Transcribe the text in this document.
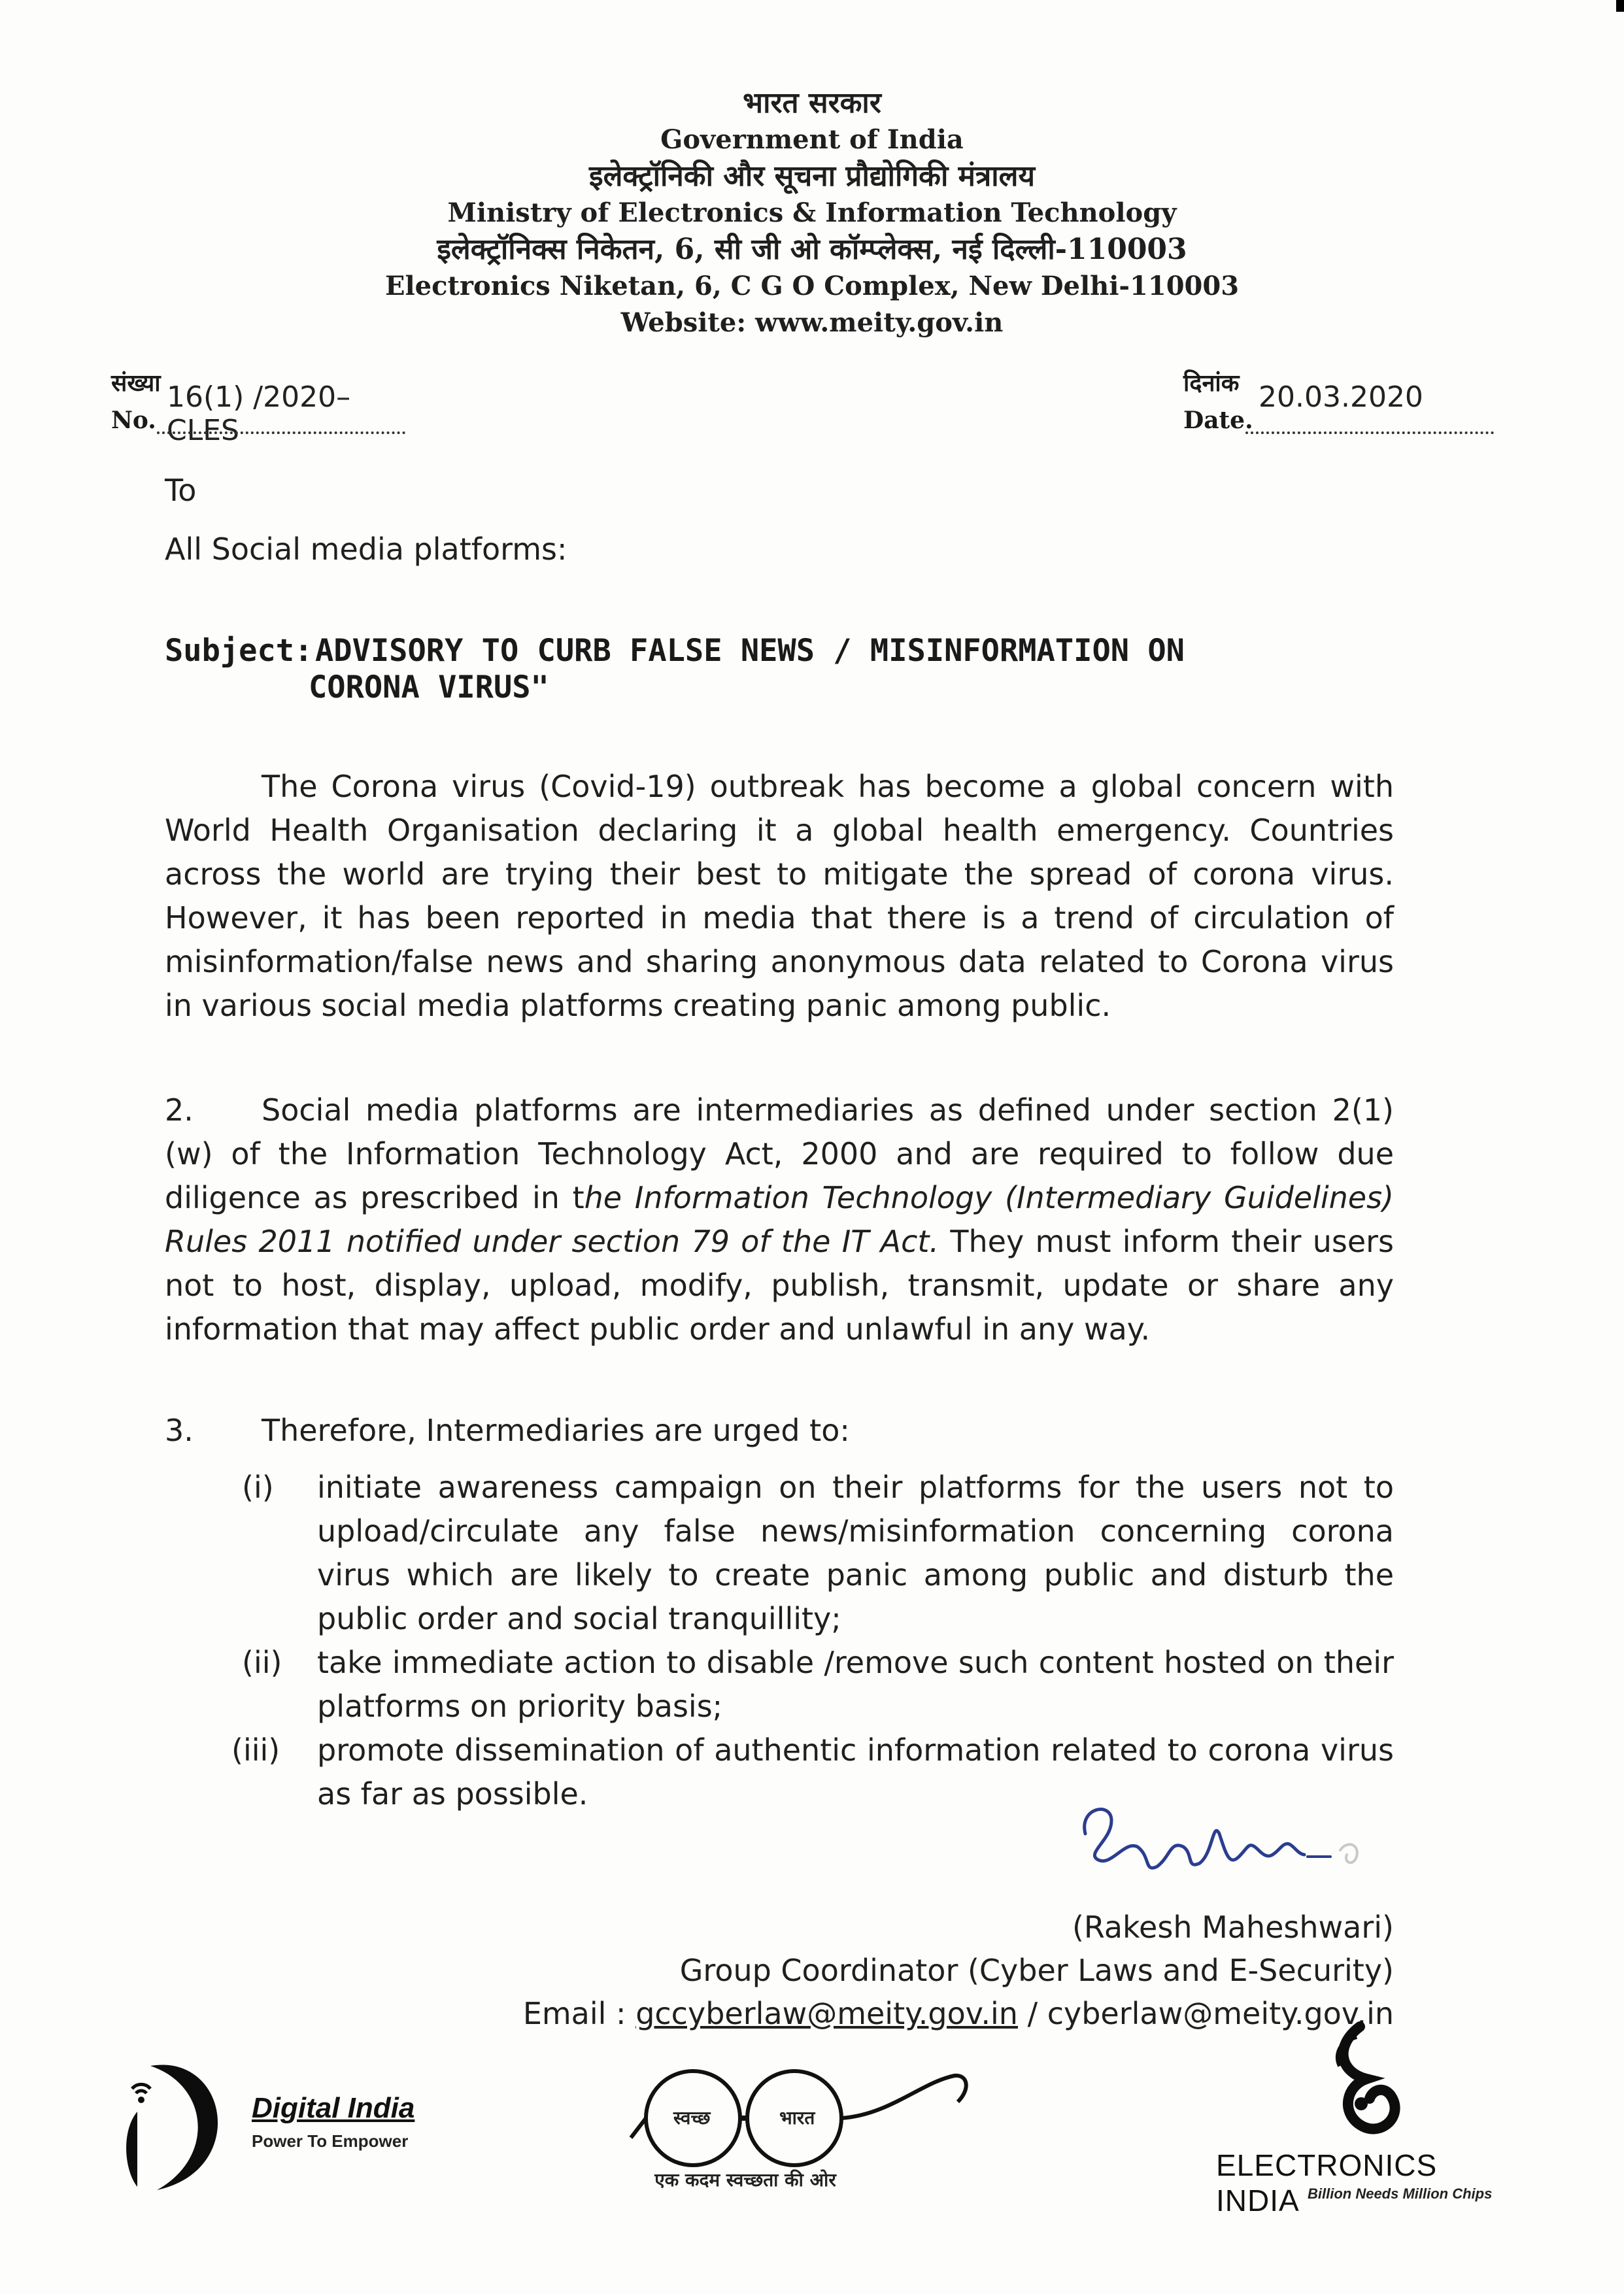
भारत सरकार
Government of India
इलेक्ट्रॉनिकी और सूचना प्रौद्योगिकी मंत्रालय
Ministry of Electronics & Information Technology
इलेक्ट्रॉनिक्स निकेतन, 6, सी जी ओ कॉम्प्लेक्स, नई दिल्ली-110003
Electronics Niketan, 6, C G O Complex, New Delhi-110003
Website: www.meity.gov.in
संख्या
No.
16(1) /2020–CLES
दिनांक
Date.
20.03.2020
To
All Social media platforms:
Subject:ADVISORY TO CURB FALSE NEWS / MISINFORMATION ON
CORONA VIRUS"
The Corona virus (Covid-19) outbreak has become a global concern with World Health Organisation declaring it a global health emergency. Countries across the world are trying their best to mitigate the spread of corona virus. However, it has been reported in media that there is a trend of circulation of misinformation/false news and sharing anonymous data related to Corona virus in various social media platforms creating panic among public.
2. Social media platforms are intermediaries as defined under section 2(1)(w) of the Information Technology Act, 2000 and are required to follow due diligence as prescribed in the Information Technology (Intermediary Guidelines) Rules 2011 notified under section 79 of the IT Act. They must inform their users not to host, display, upload, modify, publish, transmit, update or share any information that may affect public order and unlawful in any way.
3. Therefore, Intermediaries are urged to:
(i)	initiate awareness campaign on their platforms for the users not to upload/circulate any false news/misinformation concerning corona virus which are likely to create panic among public and disturb the public order and social tranquillity;
(ii)	take immediate action to disable /remove such content hosted on their platforms on priority basis;
(iii)	promote dissemination of authentic information related to corona virus as far as possible.
(Rakesh Maheshwari)
Group Coordinator (Cyber Laws and E-Security)
Email : gccyberlaw@meity.gov.in / cyberlaw@meity.gov.in
Digital India
Power To Empower
स्वच्छ	भारत
एक कदम स्वच्छता की ओर	ELECTRONICS INDIA Billion Needs Million Chips
